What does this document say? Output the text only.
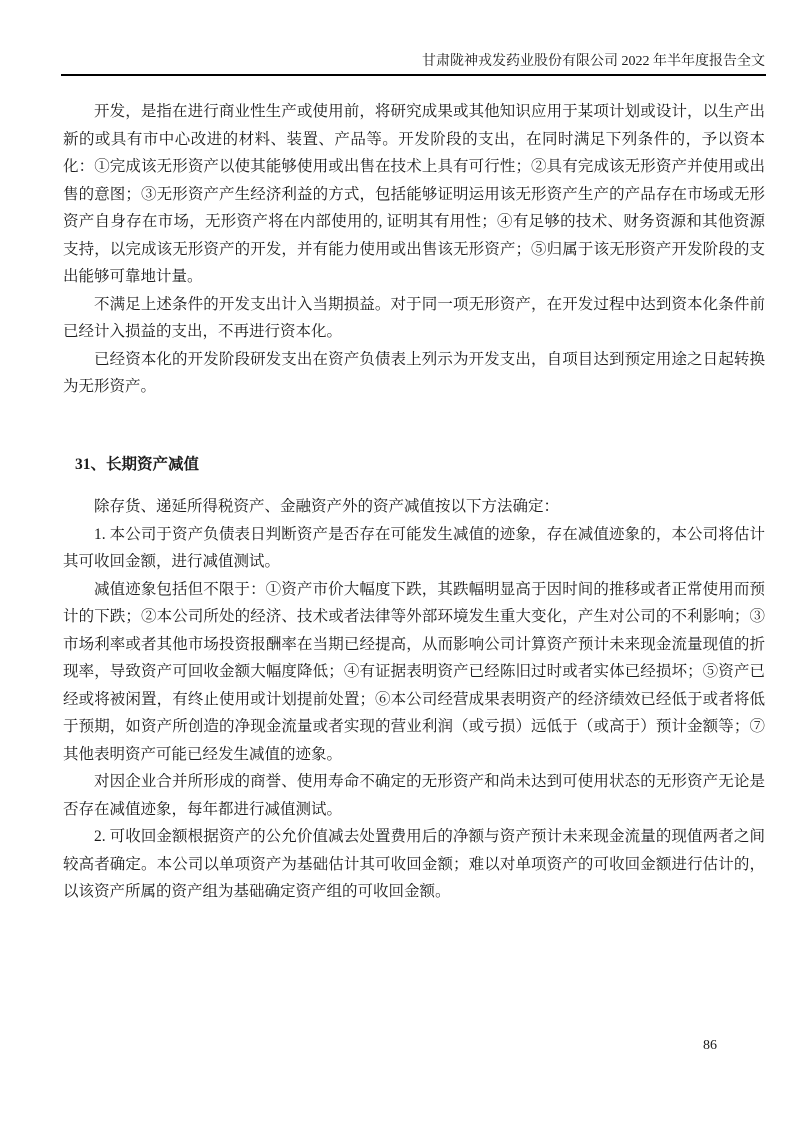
甘肃陇神戎发药业股份有限公司 2022 年半年度报告全文

开发，是指在进行商业性生产或使用前，将研究成果或其他知识应用于某项计划或设计，以生产出新的或具有市中心改进的材料、装置、产品等。开发阶段的支出，在同时满足下列条件的，予以资本化：①完成该无形资产以使其能够使用或出售在技术上具有可行性；②具有完成该无形资产并使用或出售的意图；③无形资产产生经济利益的方式，包括能够证明运用该无形资产生产的产品存在市场或无形资产自身存在市场，无形资产将在内部使用的, 证明其有用性；④有足够的技术、财务资源和其他资源支持，以完成该无形资产的开发，并有能力使用或出售该无形资产；⑤归属于该无形资产开发阶段的支出能够可靠地计量。

不满足上述条件的开发支出计入当期损益。对于同一项无形资产，在开发过程中达到资本化条件前已经计入损益的支出，不再进行资本化。

已经资本化的开发阶段研发支出在资产负债表上列示为开发支出，自项目达到预定用途之日起转换为无形资产。

31、长期资产减值

除存货、递延所得税资产、金融资产外的资产减值按以下方法确定：

1. 本公司于资产负债表日判断资产是否存在可能发生减值的迹象，存在减值迹象的，本公司将估计其可收回金额，进行减值测试。

减值迹象包括但不限于：①资产市价大幅度下跌，其跌幅明显高于因时间的推移或者正常使用而预计的下跌；②本公司所处的经济、技术或者法律等外部环境发生重大变化，产生对公司的不利影响；③市场利率或者其他市场投资报酬率在当期已经提高，从而影响公司计算资产预计未来现金流量现值的折现率，导致资产可回收金额大幅度降低；④有证据表明资产已经陈旧过时或者实体已经损坏；⑤资产已经或将被闲置，有终止使用或计划提前处置；⑥本公司经营成果表明资产的经济绩效已经低于或者将低于预期，如资产所创造的净现金流量或者实现的营业利润（或亏损）远低于（或高于）预计金额等；⑦其他表明资产可能已经发生减值的迹象。

对因企业合并所形成的商誉、使用寿命不确定的无形资产和尚未达到可使用状态的无形资产无论是否存在减值迹象，每年都进行减值测试。

2. 可收回金额根据资产的公允价值减去处置费用后的净额与资产预计未来现金流量的现值两者之间较高者确定。本公司以单项资产为基础估计其可收回金额；难以对单项资产的可收回金额进行估计的，以该资产所属的资产组为基础确定资产组的可收回金额。

86
